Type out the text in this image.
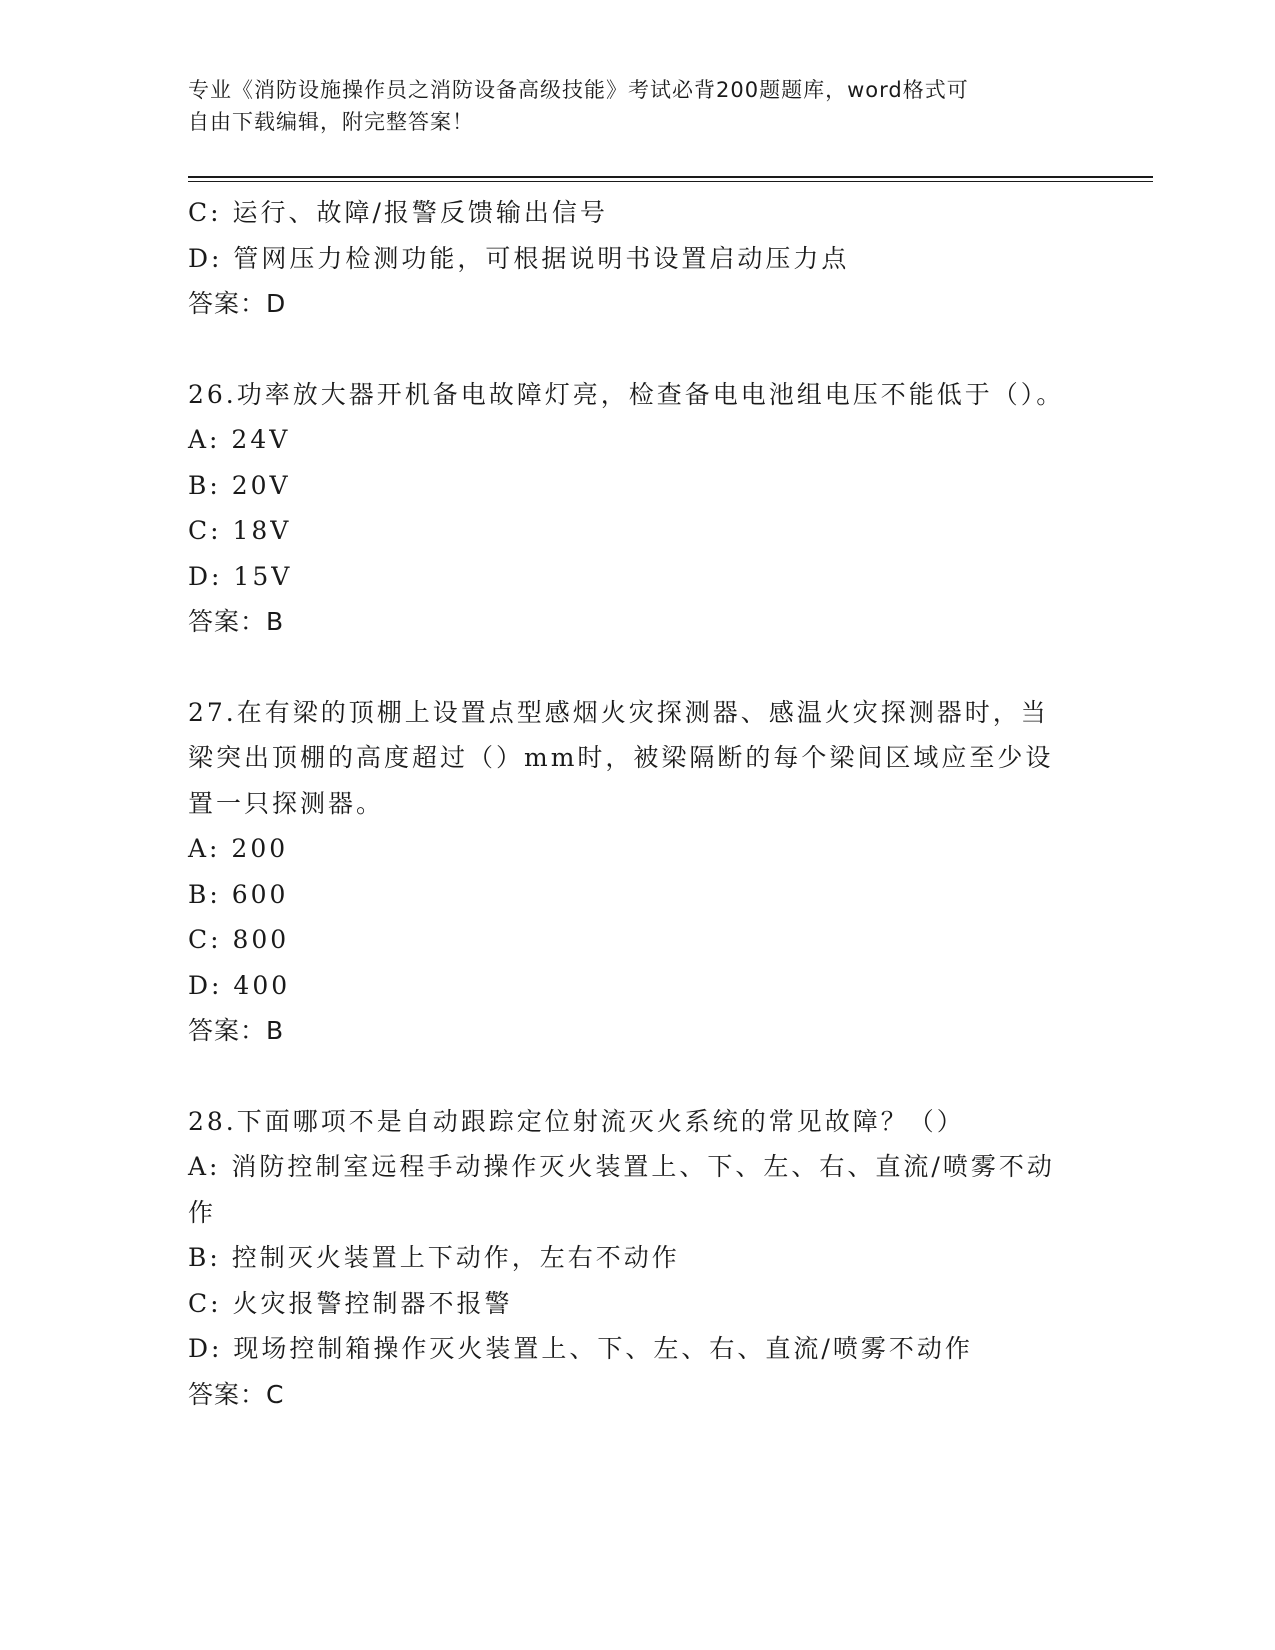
专业《消防设施操作员之消防设备高级技能》考试必背200题题库，word格式可
自由下载编辑，附完整答案！
C: 运行、故障/报警反馈输出信号
D: 管网压力检测功能，可根据说明书设置启动压力点
答案：D
26.功率放大器开机备电故障灯亮，检查备电电池组电压不能低于（）。
A: 24V
B: 20V
C: 18V
D: 15V
答案：B
27.在有梁的顶棚上设置点型感烟火灾探测器、感温火灾探测器时，当梁突出顶棚的高度超过（）mm时，被梁隔断的每个梁间区域应至少设置一只探测器。
A: 200
B: 600
C: 800
D: 400
答案：B
28.下面哪项不是自动跟踪定位射流灭火系统的常见故障？（）
A: 消防控制室远程手动操作灭火装置上、下、左、右、直流/喷雾不动作
B: 控制灭火装置上下动作，左右不动作
C: 火灾报警控制器不报警
D: 现场控制箱操作灭火装置上、下、左、右、直流/喷雾不动作
答案：C
